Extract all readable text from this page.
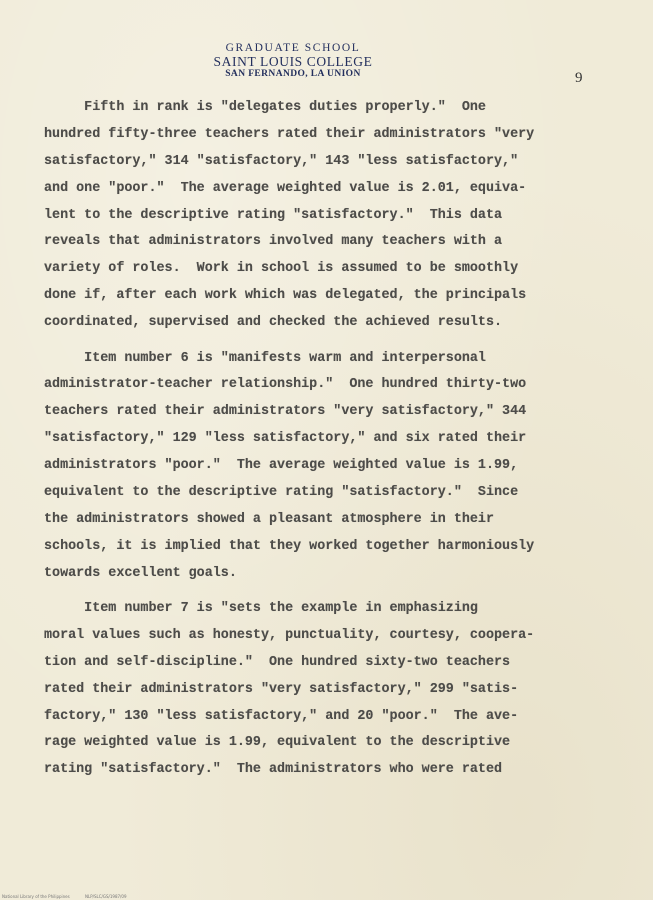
GRADUATE SCHOOL
SAINT LOUIS COLLEGE
SAN FERNANDO, LA UNION	9
Fifth in rank is "delegates duties properly."  One
hundred fifty-three teachers rated their administrators "very
satisfactory," 314 "satisfactory," 143 "less satisfactory,"
and one "poor."  The average weighted value is 2.01, equiva-
lent to the descriptive rating "satisfactory."  This data
reveals that administrators involved many teachers with a
variety of roles.  Work in school is assumed to be smoothly
done if, after each work which was delegated, the principals
coordinated, supervised and checked the achieved results.
Item number 6 is "manifests warm and interpersonal
administrator-teacher relationship."  One hundred thirty-two
teachers rated their administrators "very satisfactory," 344
"satisfactory," 129 "less satisfactory," and six rated their
administrators "poor."  The average weighted value is 1.99,
equivalent to the descriptive rating "satisfactory."  Since
the administrators showed a pleasant atmosphere in their
schools, it is implied that they worked together harmoniously
towards excellent goals.
Item number 7 is "sets the example in emphasizing
moral values such as honesty, punctuality, courtesy, coopera-
tion and self-discipline."  One hundred sixty-two teachers
rated their administrators "very satisfactory," 299 "satis-
factory," 130 "less satisfactory," and 20 "poor."  The ave-
rage weighted value is 1.99, equivalent to the descriptive
rating "satisfactory."  The administrators who were rated
National Library of the Philippines	NLP/SLC/GS/1987/09
